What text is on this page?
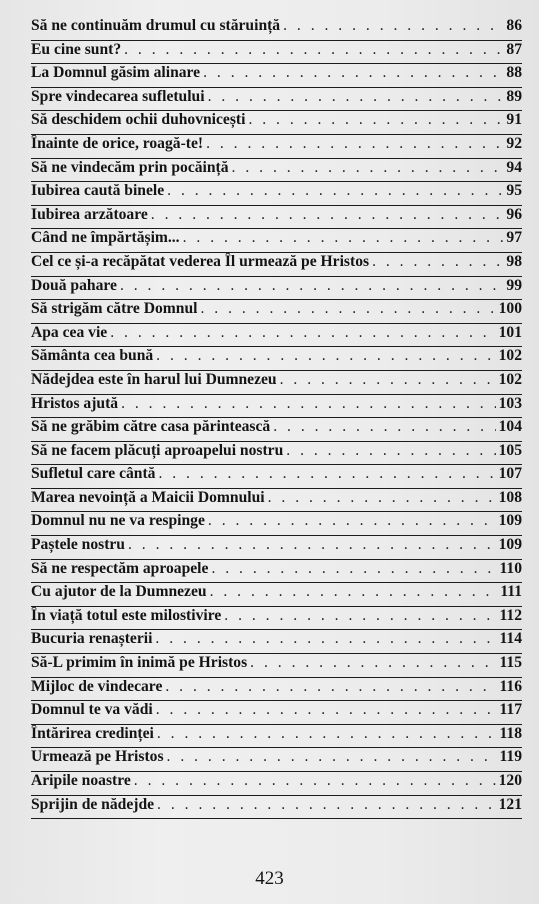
Să ne continuăm drumul cu stăruință . . .	86
Eu cine sunt? . . .	87
La Domnul găsim alinare . . .	88
Spre vindecarea sufletului . . .	89
Să deschidem ochii duhovnicești . . .	91
Înainte de orice, roagă-te! . . .	92
Să ne vindecăm prin pocăință . . .	94
Iubirea caută binele . . .	95
Iubirea arzătoare . . .	96
Când ne împărtășim... . . .	97
Cel ce și-a recăpătat vederea Îl urmează pe Hristos . . .	98
Două pahare . . .	99
Să strigăm către Domnul . . .	100
Apa cea vie . . .	101
Sământa cea bună . . .	102
Nădejdea este în harul lui Dumnezeu . . .	102
Hristos ajută . . .	103
Să ne grăbim către casa părintească . . .	104
Să ne facem plăcuți aproapelui nostru . . .	105
Sufletul care cântă . . .	107
Marea nevoință a Maicii Domnului . . .	108
Domnul nu ne va respinge . . .	109
Paștele nostru . . .	109
Să ne respectăm aproapele . . .	110
Cu ajutor de la Dumnezeu . . .	111
În viață totul este milostivire . . .	112
Bucuria renașterii . . .	114
Să-L primim în inimă pe Hristos . . .	115
Mijloc de vindecare . . .	116
Domnul te va vădi . . .	117
Întărirea credinței . . .	118
Urmează pe Hristos . . .	119
Aripile noastre . . .	120
Sprijin de nădejde . . .	121
423
